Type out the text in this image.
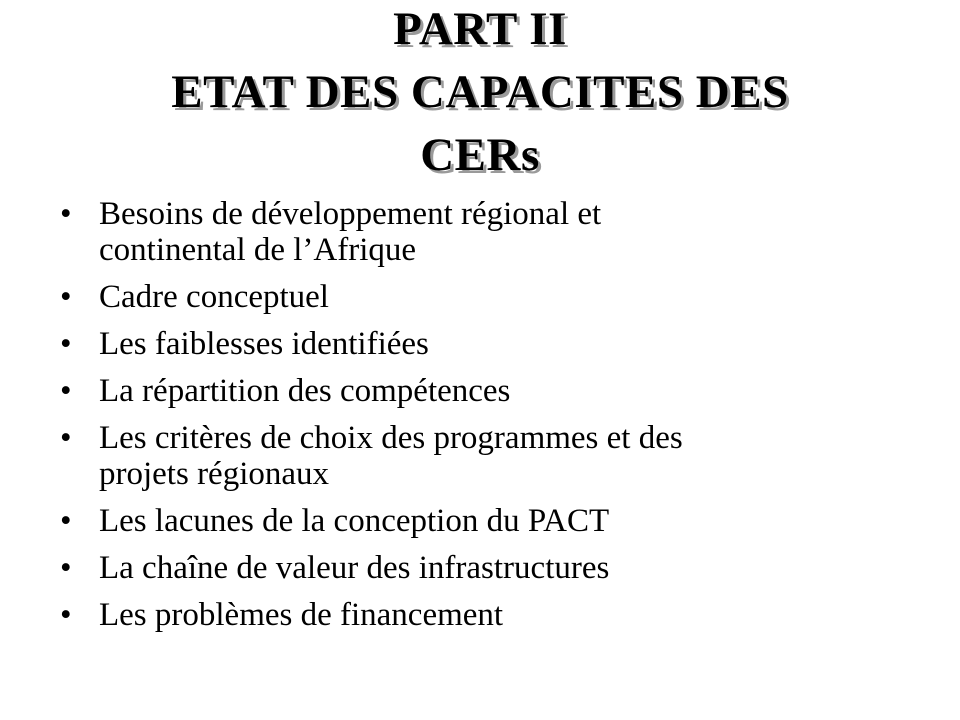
PART II
ETAT DES CAPACITES DES
CERs
• Besoins de développement régional et
continental de l’Afrique
• Cadre conceptuel
• Les faiblesses identifiées
• La répartition des compétences
• Les critères de choix des programmes et des
projets régionaux
• Les lacunes de la conception du PACT
• La chaîne de valeur des infrastructures
• Les problèmes de financement
